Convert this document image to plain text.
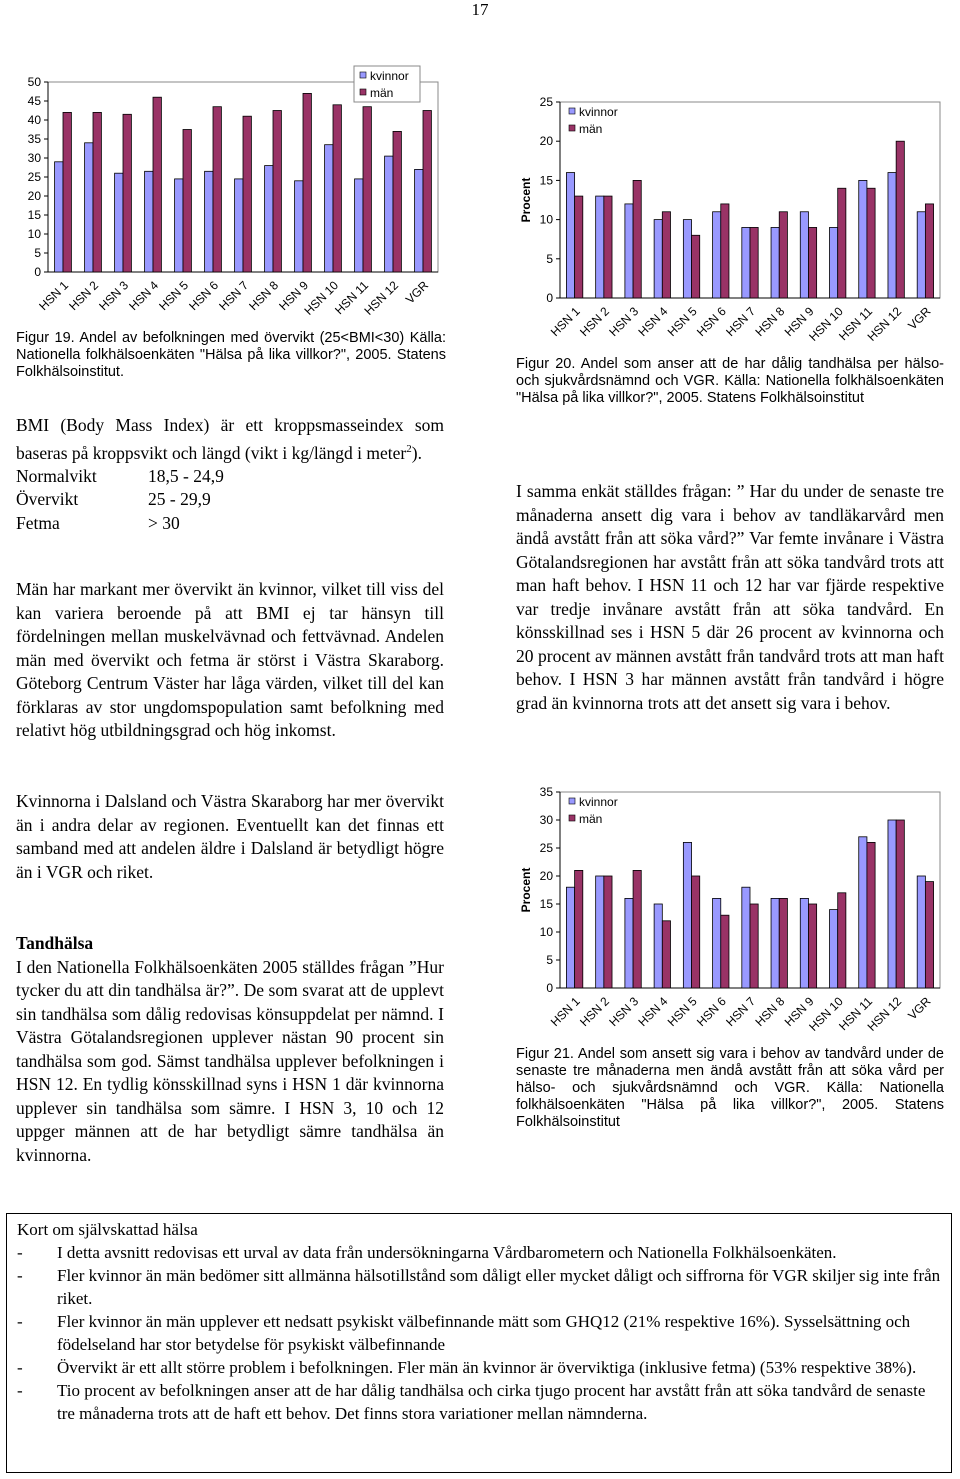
17
0
5
10
15
20
25
30
35
40
45
50
HSN 1
HSN 2
HSN 3
HSN 4
HSN 5
HSN 6
HSN 7
HSN 8
HSN 9
HSN 10
HSN 11
HSN 12 VGR
kvinnor
män
Figur 19. Andel av befolkningen med övervikt (25<BMI<30) Källa: Nationella folkhälsoenkäten "Hälsa på lika villkor?", 2005. Statens Folkhälsoinstitut.
0
5
10
15
20
25
HSN 1
HSN 2
HSN 3
HSN 4
HSN 5
HSN 6
HSN 7
HSN 8
HSN 9
HSN 10
HSN 11
HSN 12 VGR
kvinnor
män
Procent
Figur 20. Andel som anser att de har dålig tandhälsa per hälso- och sjukvårdsnämnd och VGR. Källa: Nationella folkhälsoenkäten "Hälsa på lika villkor?", 2005. Statens Folkhälsoinstitut

BMI (Body Mass Index) är ett kroppsmasseindex som baseras på kroppsvikt och längd (vikt i kg/längd i meter$^2$).

Normalvikt	18,5 - 24,9
Övervikt	25 - 29,9
Fetma	> 30
Män har markant mer övervikt än kvinnor, vilket till viss del kan variera beroende på att BMI ej tar hänsyn till fördelningen mellan muskelvävnad och fettvävnad. Andelen män med övervikt och fetma är störst i Västra Skaraborg. Göteborg Centrum Väster har låga värden, vilket till del kan förklaras av stor ungdomspopulation samt befolkning med relativt hög utbildningsgrad och hög inkomst.
Kvinnorna i Dalsland och Västra Skaraborg har mer övervikt än i andra delar av regionen. Eventuellt kan det finnas ett samband med att andelen äldre i Dalsland är betydligt högre än i VGR och riket.
Tandhälsa

I den Nationella Folkhälsoenkäten 2005 ställdes frågan ”Hur tycker du att din tandhälsa är?”. De som svarat att de upplevt sin tandhälsa som dålig redovisas könsuppdelat per nämnd. I Västra Götalandsregionen upplever nästan 90 procent sin tandhälsa som god. Sämst tandhälsa upplever befolkningen i HSN 12. En tydlig könsskillnad syns i HSN 1 där kvinnorna upplever sin tandhälsa som sämre. I HSN 3, 10 och 12 uppger männen att de har betydligt sämre tandhälsa än kvinnorna.

I samma enkät ställdes frågan: ” Har du under de senaste tre månaderna ansett dig vara i behov av tandläkarvård men ändå avstått från att söka vård?” Var femte invånare i Västra Götalandsregionen har avstått från att söka tandvård trots att man haft behov. I HSN 11 och 12 har var fjärde respektive var tredje invånare avstått från att söka tandvård. En könsskillnad ses i HSN 5 där 26 procent av kvinnorna och 20 procent av männen avstått från tandvård trots att man haft behov. I HSN 3 har männen avstått från tandvård i högre grad än kvinnorna trots att det ansett sig vara i behov.
0
5
10
15
20
25
30
35
HSN 1
HSN 2
HSN 3
HSN 4
HSN 5
HSN 6
HSN 7
HSN 8
HSN 9
HSN 10
HSN 11
HSN 12 VGR
kvinnor
män
Procent
Figur 21. Andel som ansett sig vara i behov av tandvård under de senaste tre månaderna men ändå avstått från att söka vård per hälso- och sjukvårdsnämnd och VGR. Källa: Nationella folkhälsoenkäten "Hälsa på lika villkor?", 2005. Statens Folkhälsoinstitut
Kort om självskattad hälsa
- I detta avsnitt redovisas ett urval av data från undersökningarna Vårdbarometern och Nationella Folkhälsoenkäten.
- Fler kvinnor än män bedömer sitt allmänna hälsotillstånd som dåligt eller mycket dåligt och siffrorna för VGR skiljer sig inte från riket.
- Fler kvinnor än män upplever ett nedsatt psykiskt välbefinnande mätt som GHQ12 (21% respektive 16%). Sysselsättning och födelseland har stor betydelse för psykiskt välbefinnande
- Övervikt är ett allt större problem i befolkningen. Fler män än kvinnor är överviktiga (inklusive fetma) (53% respektive 38%).
- Tio procent av befolkningen anser att de har dålig tandhälsa och cirka tjugo procent har avstått från att söka tandvård de senaste tre månaderna trots att de haft ett behov. Det finns stora variationer mellan nämnderna.
